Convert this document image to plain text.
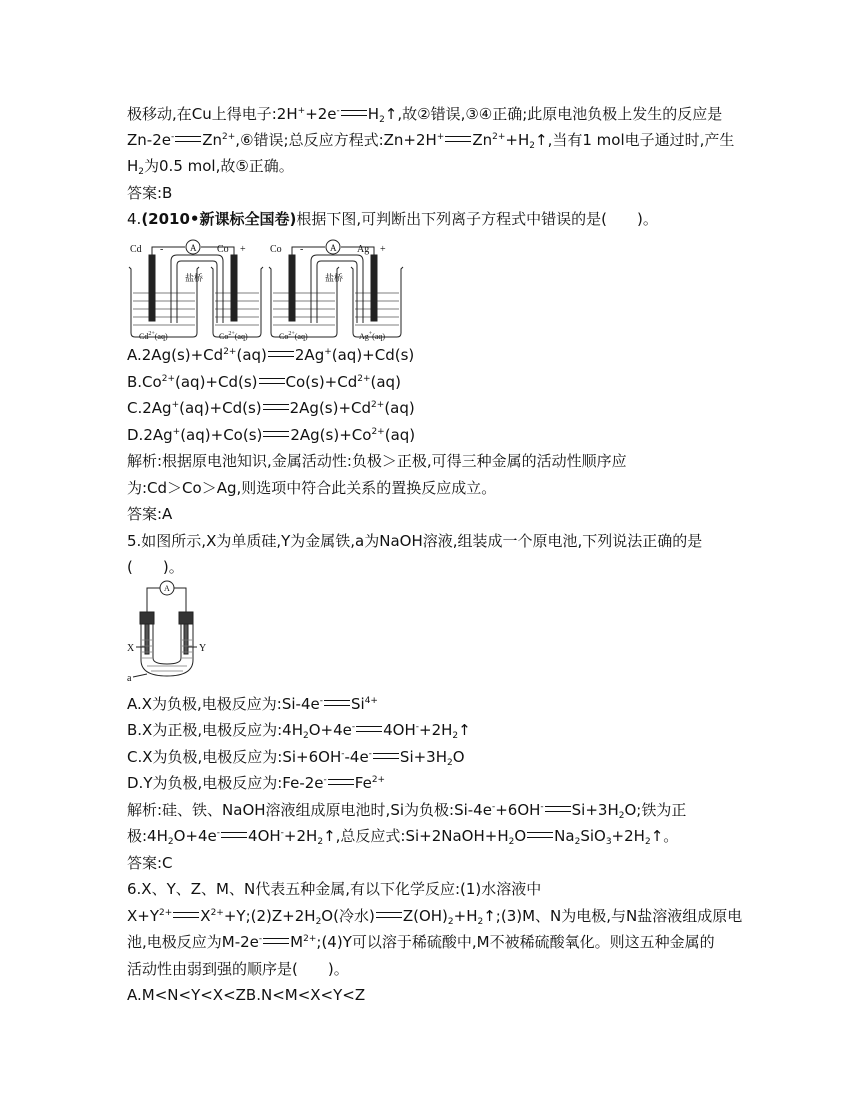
极移动,在Cu上得电子:2H++2e- $H_2↑$,故②错误,③④正确;此原电池负极上发生的反应是
Zn-2e- $Zn^{2+},⑥$错误;总反应方程式:Zn+2H+ $Zn^{2+}+H_2↑$,当有1 mol电子通过时,产生
$H_2$为0.5 mol,故⑤正确。
答案:B
4.(2010•新课标全国卷)根据下图,可判断出下列离子方程式中错误的是(　　)。
A
Cd -	Co +
盐桥
$Cd^{2+}(aq)$	$Co^{2+}(aq)$
A
Co -	Ag +
盐桥
$Co^{2+}(aq)$	Ag+(aq)
$A.2Ag(s)+Cd^{2+}(aq)$ 2Ag+(aq)+Cd(s)
$B.Co^{2+}(aq)+Cd(s)$ $Co(s)+Cd^{2+}(aq)$
C.2Ag+(aq)+Cd(s) $2Ag(s)+Cd^{2+}(aq)$
D.2Ag+(aq)+Co(s) $2Ag(s)+Co^{2+}(aq)$
解析:根据原电池知识,金属活动性:负极＞正极,可得三种金属的活动性顺序应
为:Cd＞Co＞Ag,则选项中符合此关系的置换反应成立。
答案:A
5.如图所示,X为单质硅,Y为金属铁,a为NaOH溶液,组装成一个原电池,下列说法正确的是
(　　)。
A
X	Y
a
A.X为负极,电极反应为:Si-4e- $Si^{4+}$
B.X为正极,电极反应为$:4H_2O+4e^-$ $4OH^-+2H_2↑$
C.X为负极,电极反应为:Si+6OH--4e- $Si+3H_2O$
D.Y为负极,电极反应为:Fe-2e- $Fe^{2+}$
解析:硅、铁、NaOH溶液组成原电池时,Si为负极:Si-4e-+6OH- $Si+3H_2O$;铁为正
极$:4H_2O+4e^-$ $4OH^-+2H_2↑$,总反应式$:Si+2NaOH+H_2O$ $Na_2SiO_3+2H_2↑$。
答案:C
6.X、Y、Z、M、N代表五种金属,有以下化学反应:(1)水溶液中
$X+Y^{2+}$ $X^{2+}+Y;(2)Z+2H_2O$(冷水) $Z(OH)_2+H_2↑;(3)M$、N为电极,与N盐溶液组成原电
池,电极反应为M-2e- $M^{2+};(4)Y$可以溶于稀硫酸中,M不被稀硫酸氧化。则这五种金属的
活动性由弱到强的顺序是(　　)。
A.M<N<Y<X<ZB.N<M<X<Y<Z
